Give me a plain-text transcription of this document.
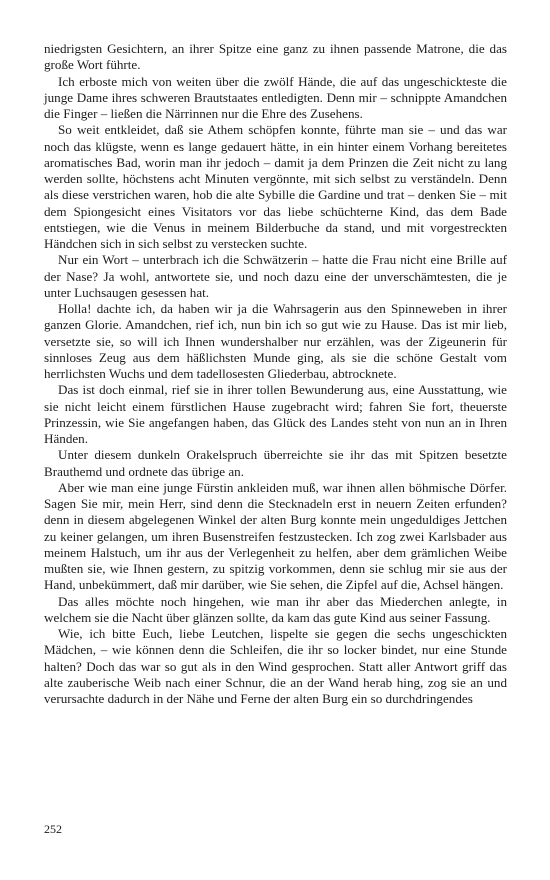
niedrigsten Gesichtern, an ihrer Spitze eine ganz zu ihnen passende Matrone, die das große Wort führte.

Ich erboste mich von weiten über die zwölf Hände, die auf das ungeschickteste die junge Dame ihres schweren Brautstaates entledigten. Denn mir – schnippte Amandchen die Finger – ließen die Närrinnen nur die Ehre des Zusehens.

So weit entkleidet, daß sie Athem schöpfen konnte, führte man sie – und das war noch das klügste, wenn es lange gedauert hätte, in ein hinter einem Vorhang bereitetes aromatisches Bad, worin man ihr jedoch – damit ja dem Prinzen die Zeit nicht zu lang werden sollte, höchstens acht Minuten vergönnte, mit sich selbst zu verständeln. Denn als diese verstrichen waren, hob die alte Sybille die Gardine und trat – denken Sie – mit dem Spiongesicht eines Visitators vor das liebe schüchterne Kind, das dem Bade entstiegen, wie die Venus in meinem Bilderbuche da stand, und mit vorgestreckten Händchen sich in sich selbst zu verstecken suchte.

Nur ein Wort – unterbrach ich die Schwätzerin – hatte die Frau nicht eine Brille auf der Nase? Ja wohl, antwortete sie, und noch dazu eine der unverschämtesten, die je unter Luchsaugen gesessen hat.

Holla! dachte ich, da haben wir ja die Wahrsagerin aus den Spinneweben in ihrer ganzen Glorie. Amandchen, rief ich, nun bin ich so gut wie zu Hause. Das ist mir lieb, versetzte sie, so will ich Ihnen wundershalber nur erzählen, was der Zigeunerin für sinnloses Zeug aus dem häßlichsten Munde ging, als sie die schöne Gestalt vom herrlichsten Wuchs und dem tadellosesten Gliederbau, abtrocknete.

Das ist doch einmal, rief sie in ihrer tollen Bewunderung aus, eine Ausstattung, wie sie nicht leicht einem fürstlichen Hause zugebracht wird; fahren Sie fort, theuerste Prinzessin, wie Sie angefangen haben, das Glück des Landes steht von nun an in Ihren Händen.

Unter diesem dunkeln Orakelspruch überreichte sie ihr das mit Spitzen besetzte Brauthemd und ordnete das übrige an.

Aber wie man eine junge Fürstin ankleiden muß, war ihnen allen böhmische Dörfer. Sagen Sie mir, mein Herr, sind denn die Stecknadeln erst in neuern Zeiten erfunden? denn in diesem abgelegenen Winkel der alten Burg konnte mein ungeduldiges Jettchen zu keiner gelangen, um ihren Busenstreifen festzustecken. Ich zog zwei Karlsbader aus meinem Halstuch, um ihr aus der Verlegenheit zu helfen, aber dem grämlichen Weibe mußten sie, wie Ihnen gestern, zu spitzig vorkommen, denn sie schlug mir sie aus der Hand, unbekümmert, daß mir darüber, wie Sie sehen, die Zipfel auf die, Achsel hängen.

Das alles möchte noch hingehen, wie man ihr aber das Miederchen anlegte, in welchem sie die Nacht über glänzen sollte, da kam das gute Kind aus seiner Fassung.

Wie, ich bitte Euch, liebe Leutchen, lispelte sie gegen die sechs ungeschickten Mädchen, – wie können denn die Schleifen, die ihr so locker bindet, nur eine Stunde halten? Doch das war so gut als in den Wind gesprochen. Statt aller Antwort griff das alte zauberische Weib nach einer Schnur, die an der Wand herab hing, zog sie an und verursachte dadurch in der Nähe und Ferne der alten Burg ein so durchdringendes

252
